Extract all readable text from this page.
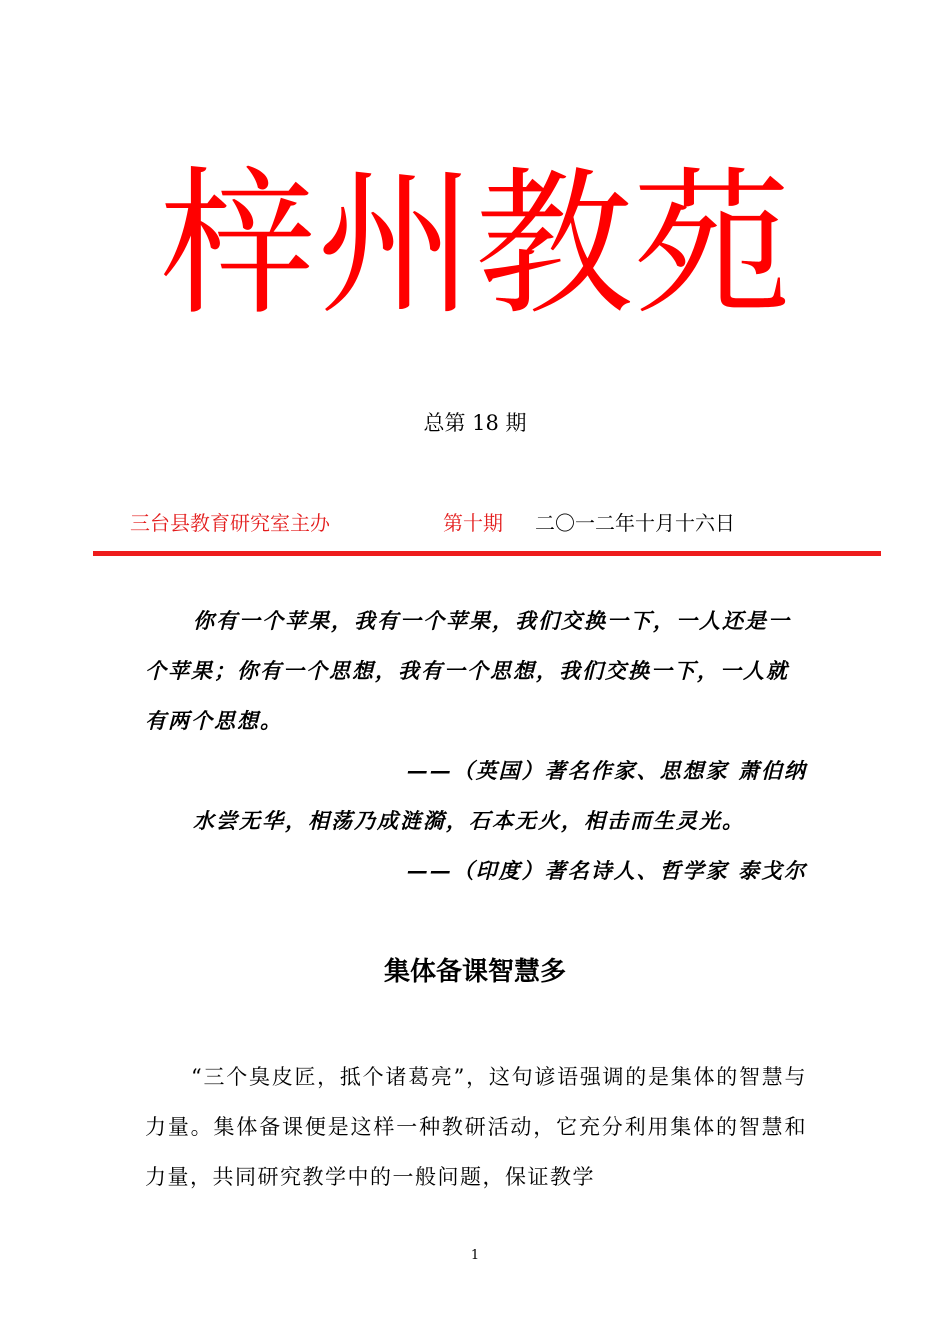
梓州教苑
总第 18 期
三台县教育研究室主办	第十期 二〇一二年十月十六日
你有一个苹果，我有一个苹果，我们交换一下，一人还是一个苹果；你有一个思想，我有一个思想，我们交换一下，一人就有两个思想。
——（英国）著名作家、思想家 萧伯纳
水尝无华，相荡乃成涟漪，石本无火，相击而生灵光。
——（印度）著名诗人、哲学家 泰戈尔
集体备课智慧多
“三个臭皮匠，抵个诸葛亮”，这句谚语强调的是集体的智慧与力量。集体备课便是这样一种教研活动，它充分利用集体的智慧和力量，共同研究教学中的一般问题，保证教学
1
